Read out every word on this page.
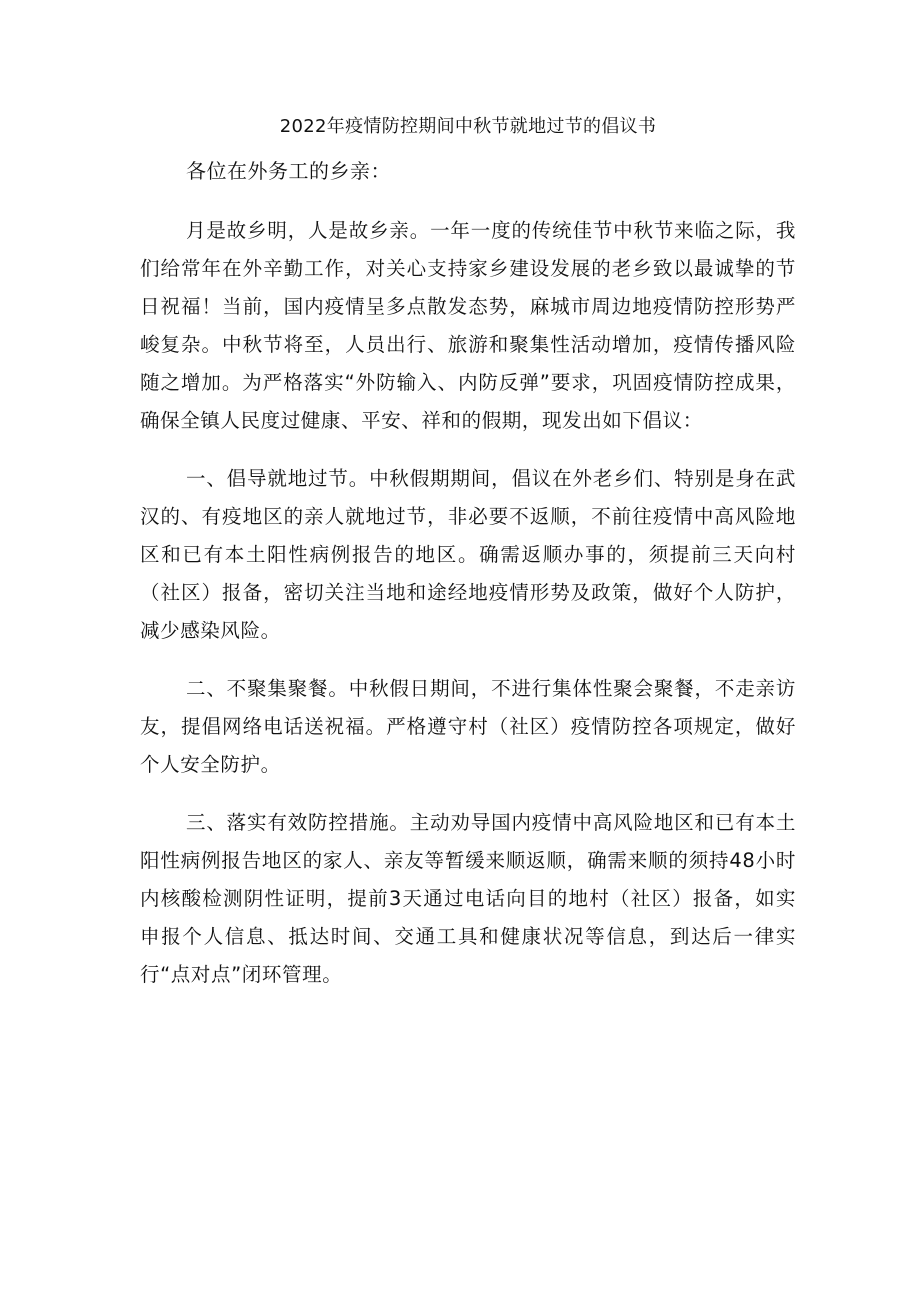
2022年疫情防控期间中秋节就地过节的倡议书
各位在外务工的乡亲：

月是故乡明，人是故乡亲。一年一度的传统佳节中秋节来临之际，我们给常年在外辛勤工作，对关心支持家乡建设发展的老乡致以最诚挚的节日祝福！当前，国内疫情呈多点散发态势，麻城市周边地疫情防控形势严峻复杂。中秋节将至，人员出行、旅游和聚集性活动增加，疫情传播风险随之增加。为严格落实“外防输入、内防反弹”要求，巩固疫情防控成果，确保全镇人民度过健康、平安、祥和的假期，现发出如下倡议：

一、倡导就地过节。中秋假期期间，倡议在外老乡们、特别是身在武汉的、有疫地区的亲人就地过节，非必要不返顺，不前往疫情中高风险地区和已有本土阳性病例报告的地区。确需返顺办事的，须提前三天向村（社区）报备，密切关注当地和途经地疫情形势及政策，做好个人防护，减少感染风险。

二、不聚集聚餐。中秋假日期间，不进行集体性聚会聚餐，不走亲访友，提倡网络电话送祝福。严格遵守村（社区）疫情防控各项规定，做好个人安全防护。

三、落实有效防控措施。主动劝导国内疫情中高风险地区和已有本土阳性病例报告地区的家人、亲友等暂缓来顺返顺，确需来顺的须持48小时内核酸检测阴性证明，提前3天通过电话向目的地村（社区）报备，如实申报个人信息、抵达时间、交通工具和健康状况等信息，到达后一律实行“点对点”闭环管理。
